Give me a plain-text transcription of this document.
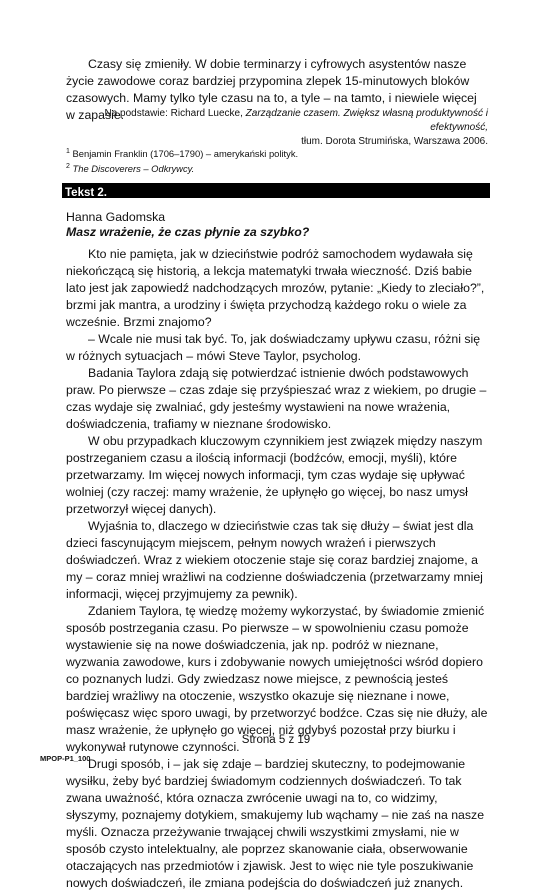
Czasy się zmieniły. W dobie terminarzy i cyfrowych asystentów nasze życie zawodowe coraz bardziej przypomina zlepek 15-minutowych bloków czasowych. Mamy tylko tyle czasu na to, a tyle – na tamto, i niewiele więcej w zapasie.

Na podstawie: Richard Luecke, Zarządzanie czasem. Zwiększ własną produktywność i efektywność,
tłum. Dorota Strumińska, Warszawa 2006.
$^1$ Benjamin Franklin (1706–1790) – amerykański polityk.
$^2$ The Discoverers – Odkrywcy.
Tekst 2.
Hanna Gadomska
Masz wrażenie, że czas płynie za szybko?

Kto nie pamięta, jak w dzieciństwie podróż samochodem wydawała się niekończącą się historią, a lekcja matematyki trwała wieczność. Dziś babie lato jest jak zapowiedź nadchodzących mrozów, pytanie: „Kiedy to zleciało?”, brzmi jak mantra, a urodziny i święta przychodzą każdego roku o wiele za wcześnie. Brzmi znajomo?

– Wcale nie musi tak być. To, jak doświadczamy upływu czasu, różni się w różnych sytuacjach – mówi Steve Taylor, psycholog.

Badania Taylora zdają się potwierdzać istnienie dwóch podstawowych praw. Po pierwsze – czas zdaje się przyśpieszać wraz z wiekiem, po drugie – czas wydaje się zwalniać, gdy jesteśmy wystawieni na nowe wrażenia, doświadczenia, trafiamy w nieznane środowisko.

W obu przypadkach kluczowym czynnikiem jest związek między naszym postrzeganiem czasu a ilością informacji (bodźców, emocji, myśli), które przetwarzamy. Im więcej nowych informacji, tym czas wydaje się upływać wolniej (czy raczej: mamy wrażenie, że upłynęło go więcej, bo nasz umysł przetworzył więcej danych).

Wyjaśnia to, dlaczego w dzieciństwie czas tak się dłuży – świat jest dla dzieci fascynującym miejscem, pełnym nowych wrażeń i pierwszych doświadczeń. Wraz z wiekiem otoczenie staje się coraz bardziej znajome, a my – coraz mniej wrażliwi na codzienne doświadczenia (przetwarzamy mniej informacji, więcej przyjmujemy za pewnik).

Zdaniem Taylora, tę wiedzę możemy wykorzystać, by świadomie zmienić sposób postrzegania czasu. Po pierwsze – w spowolnieniu czasu pomoże wystawienie się na nowe doświadczenia, jak np. podróż w nieznane, wyzwania zawodowe, kurs i zdobywanie nowych umiejętności wśród dopiero co poznanych ludzi. Gdy zwiedzasz nowe miejsce, z pewnością jesteś bardziej wrażliwy na otoczenie, wszystko okazuje się nieznane i nowe, poświęcasz więc sporo uwagi, by przetworzyć bodźce. Czas się nie dłuży, ale masz wrażenie, że upłynęło go więcej, niż gdybyś pozostał przy biurku i wykonywał rutynowe czynności.

Drugi sposób, i – jak się zdaje – bardziej skuteczny, to podejmowanie wysiłku, żeby być bardziej świadomym codziennych doświadczeń. To tak zwana uważność, która oznacza zwrócenie uwagi na to, co widzimy, słyszymy, poznajemy dotykiem, smakujemy lub wąchamy – nie zaś na nasze myśli. Oznacza przeżywanie trwającej chwili wszystkimi zmysłami, nie w sposób czysto intelektualny, ale poprzez skanowanie ciała, obserwowanie otaczających nas przedmiotów i zjawisk. Jest to więc nie tyle poszukiwanie nowych doświadczeń, ile zmiana podejścia do doświadczeń już znanych.

Strona 5 z 19
MPOP-P1_100
